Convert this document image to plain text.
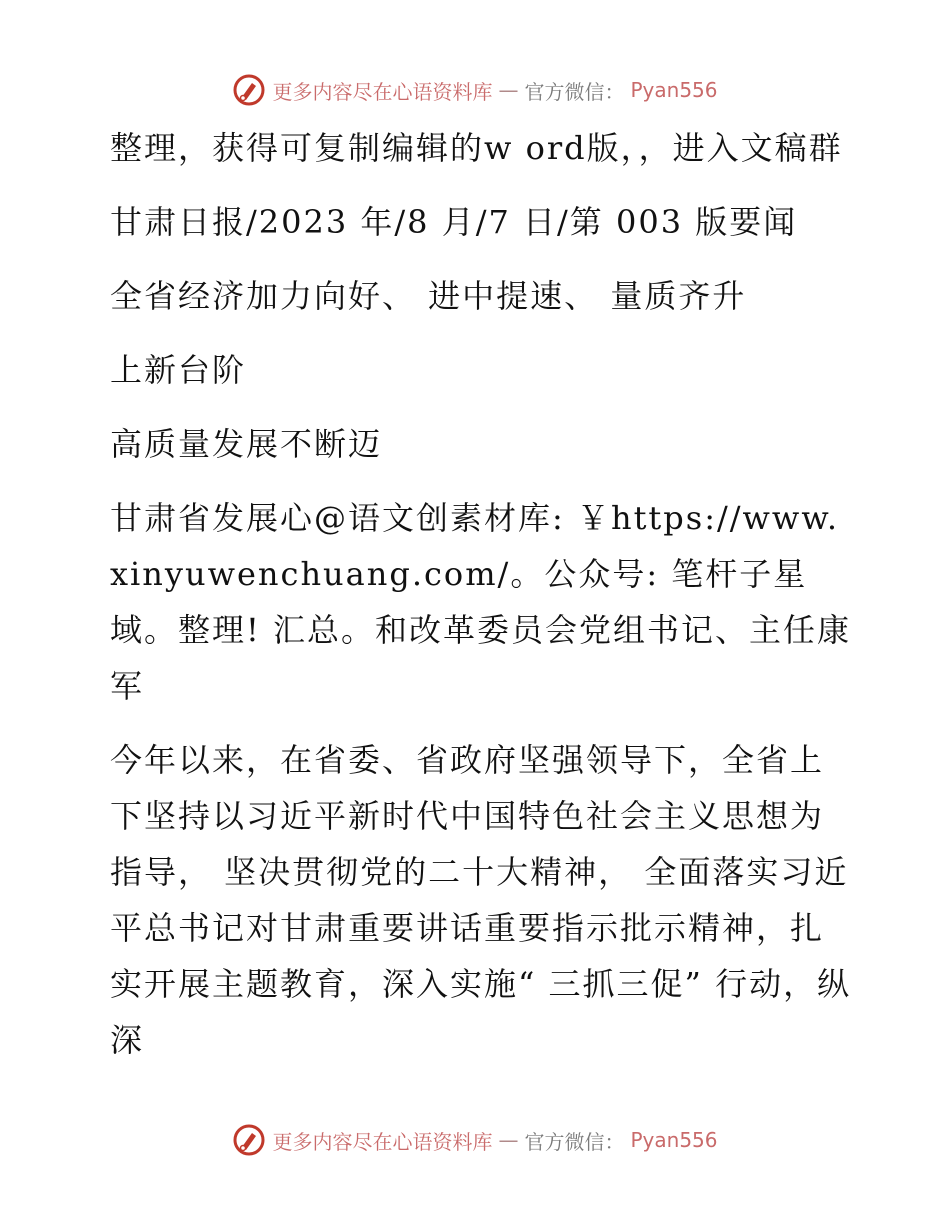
更多内容尽在心语资料库 — 官方微信： Pyan556

整理，获得可复制编辑的w ord版，，进入文稿群

甘肃日报/2023 年/8 月/7 日/第 003 版要闻

全省经济加力向好、 进中提速、 量质齐升

上新台阶

高质量发展不断迈

甘肃省发展心@语文创素材库: ￥https://www.xinyuwenchuang.com/。公众号: 笔杆子星域。整理! 汇总。和改革委员会党组书记、主任康军

今年以来，在省委、省政府坚强领导下，全省上下坚持以习近平新时代中国特色社会主义思想为指导， 坚决贯彻党的二十大精神， 全面落实习近平总书记对甘肃重要讲话重要指示批示精神，扎实开展主题教育，深入实施“ 三抓三促” 行动，纵深

更多内容尽在心语资料库 — 官方微信： Pyan556
